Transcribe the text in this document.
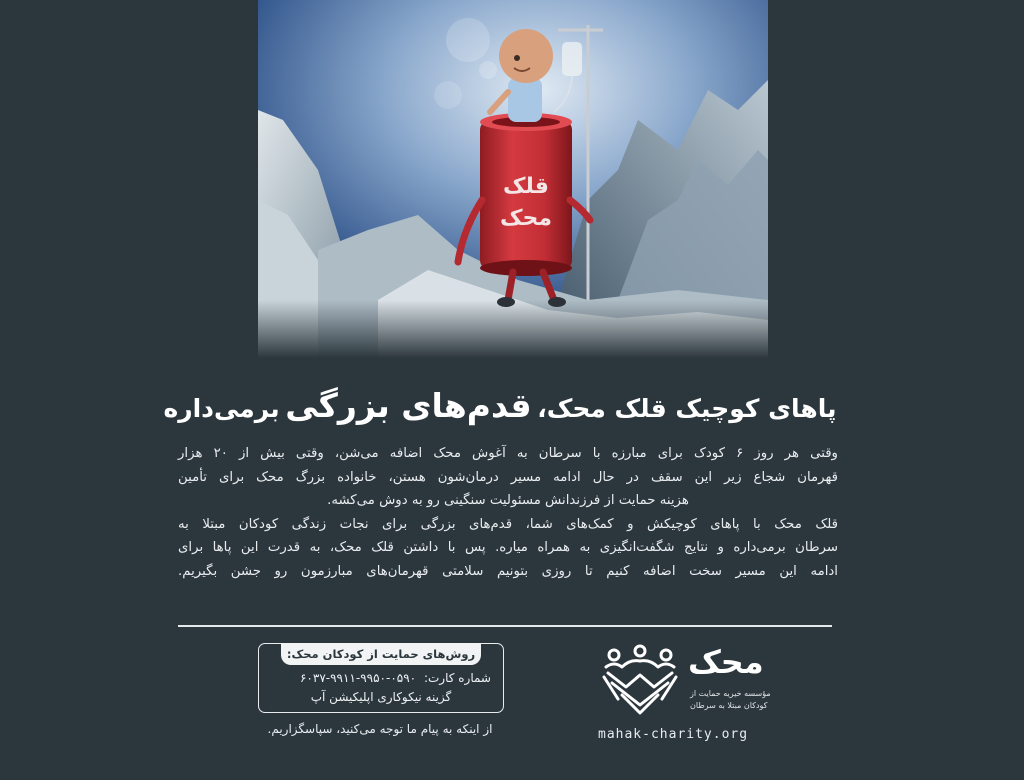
قلک
محک
پاهای کوچیک قلک محک، قدم‌های بزرگی برمی‌داره

وقتی هر روز ۶ کودک برای مبارزه با سرطان به آغوش محک اضافه می‌شن، وقتی بیش از ۲۰ هزار
قهرمان شجاع زیر این سقف در حال ادامه مسیر درمان‌شون هستن، خانواده بزرگ محک برای تأمین
هزینه حمایت از فرزندانش مسئولیت سنگینی رو به دوش می‌کشه.

قلک محک با پاهای کوچیکش و کمک‌های شما، قدم‌های بزرگی برای نجات زندگی کودکان مبتلا به
سرطان برمی‌داره و نتایج شگفت‌انگیزی به همراه میاره. پس با داشتن قلک محک، به قدرت این پاها برای
ادامه این مسیر سخت اضافه کنیم تا روزی بتونیم سلامتی قهرمان‌های مبارزمون رو جشن بگیریم.

روش‌های حمایت از کودکان محک:
شماره کارت: ۶۰۳۷-۹۹۱۱-۹۹۵۰-۰۵۹۰
گزینه نیکوکاری اپلیکیشن آپ
از اینکه به پیام ما توجه می‌کنید، سپاسگزاریم.
محک
مؤسسه خیریه حمایت از
کودکان مبتلا به سرطان
mahak-charity.org
